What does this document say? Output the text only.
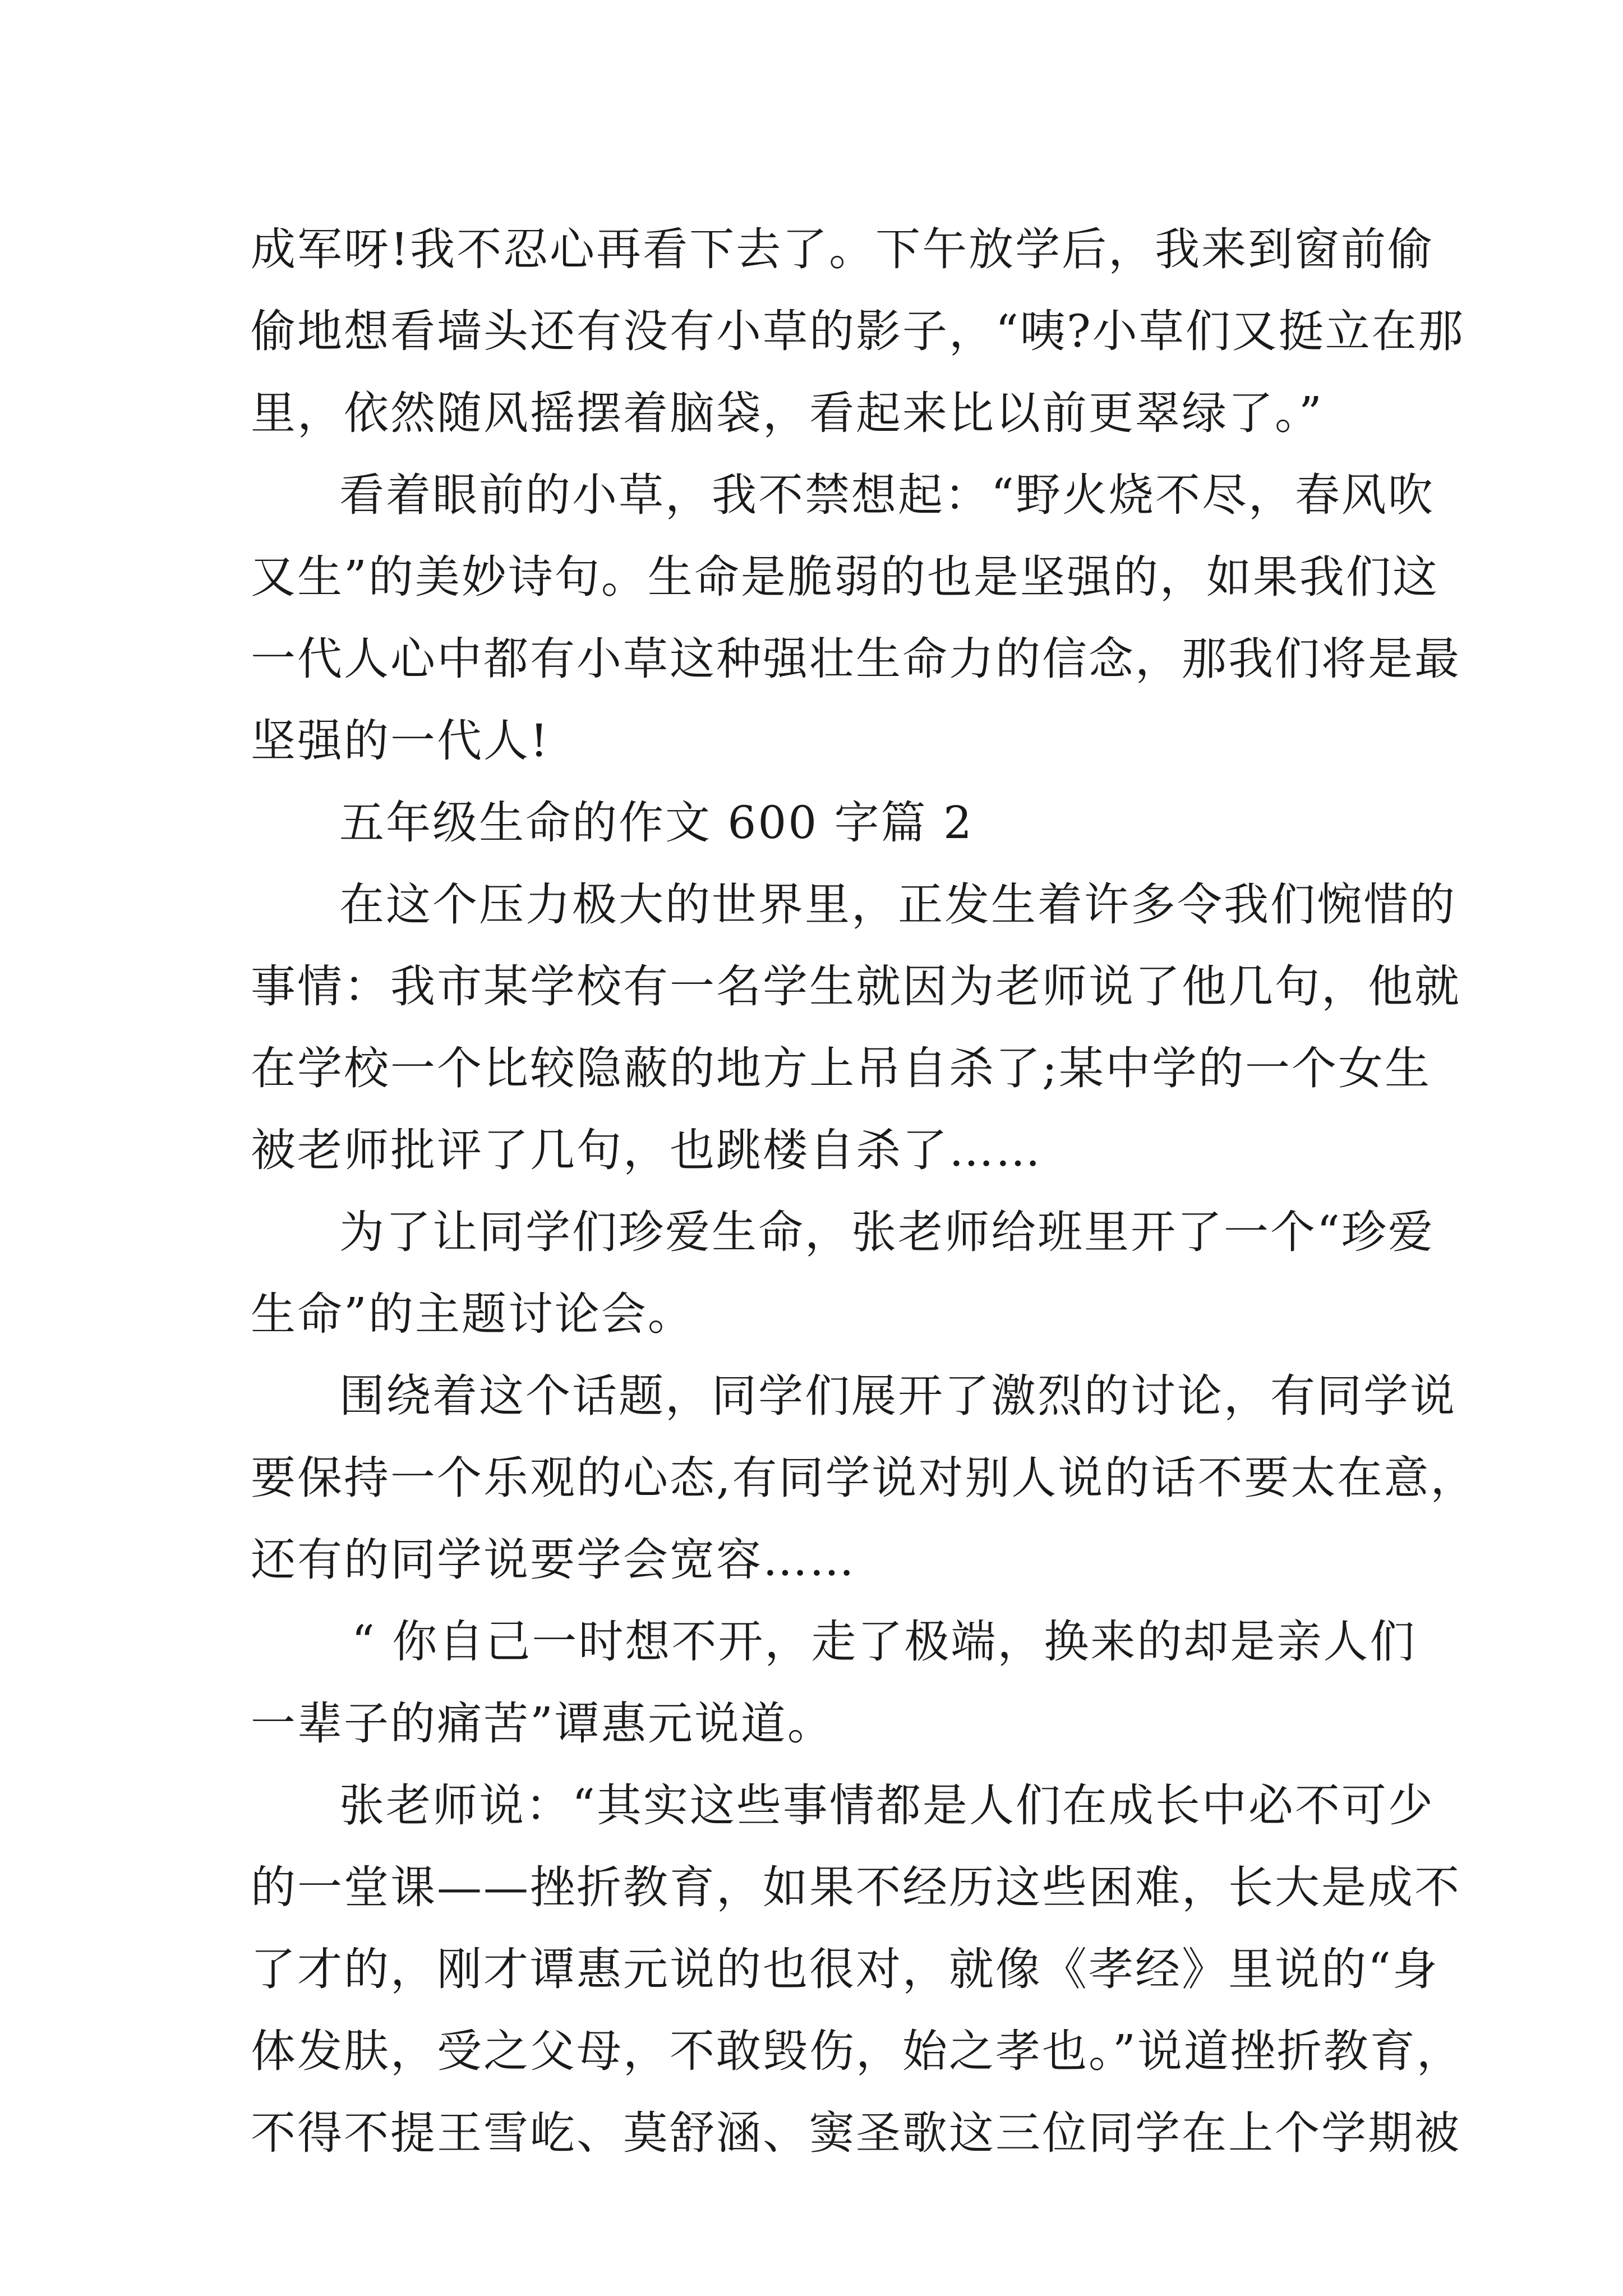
成军呀!我不忍心再看下去了。下午放学后，我来到窗前偷
偷地想看墙头还有没有小草的影子，“咦?小草们又挺立在那
里，依然随风摇摆着脑袋，看起来比以前更翠绿了。”
看着眼前的小草，我不禁想起：“野火烧不尽，春风吹
又生”的美妙诗句。生命是脆弱的也是坚强的，如果我们这
一代人心中都有小草这种强壮生命力的信念，那我们将是最
坚强的一代人!
五年级生命的作文 600 字篇 2
在这个压力极大的世界里，正发生着许多令我们惋惜的
事情：我市某学校有一名学生就因为老师说了他几句，他就
在学校一个比较隐蔽的地方上吊自杀了;某中学的一个女生
被老师批评了几句，也跳楼自杀了……
为了让同学们珍爱生命，张老师给班里开了一个“珍爱
生命”的主题讨论会。
围绕着这个话题，同学们展开了激烈的讨论，有同学说
要保持一个乐观的心态,有同学说对别人说的话不要太在意，
还有的同学说要学会宽容……
“ 你自己一时想不开，走了极端，换来的却是亲人们
一辈子的痛苦”谭惠元说道。
张老师说：“其实这些事情都是人们在成长中必不可少
的一堂课——挫折教育，如果不经历这些困难，长大是成不
了才的，刚才谭惠元说的也很对，就像《孝经》里说的“身
体发肤，受之父母，不敢毁伤，始之孝也。”说道挫折教育，
不得不提王雪屹、莫舒涵、窦圣歌这三位同学在上个学期被
